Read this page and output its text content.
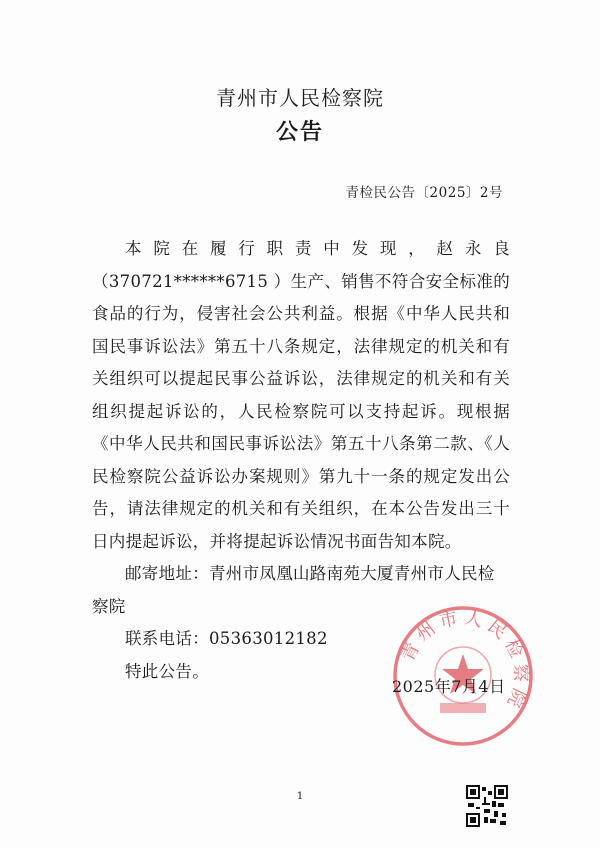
青州市人民检察院
公告
青检民公告〔2025〕2号

本院在履行职责中发现，赵永良（370721******6715 ）生产、销售不符合安全标准的食品的行为，侵害社会公共利益。根据《中华人民共和国民事诉讼法》第五十八条规定，法律规定的机关和有关组织可以提起民事公益诉讼，法律规定的机关和有关组织提起诉讼的，人民检察院可以支持起诉。现根据《中华人民共和国民事诉讼法》第五十八条第二款、《人民检察院公益诉讼办案规则》第九十一条的规定发出公告，请法律规定的机关和有关组织，在本公告发出三十日内提起诉讼，并将提起诉讼情况书面告知本院。

邮寄地址：青州市凤凰山路南苑大厦青州市人民检察院

联系电话：05363012182

特此公告。

青州市人民检察院
2025年7月4日
1
